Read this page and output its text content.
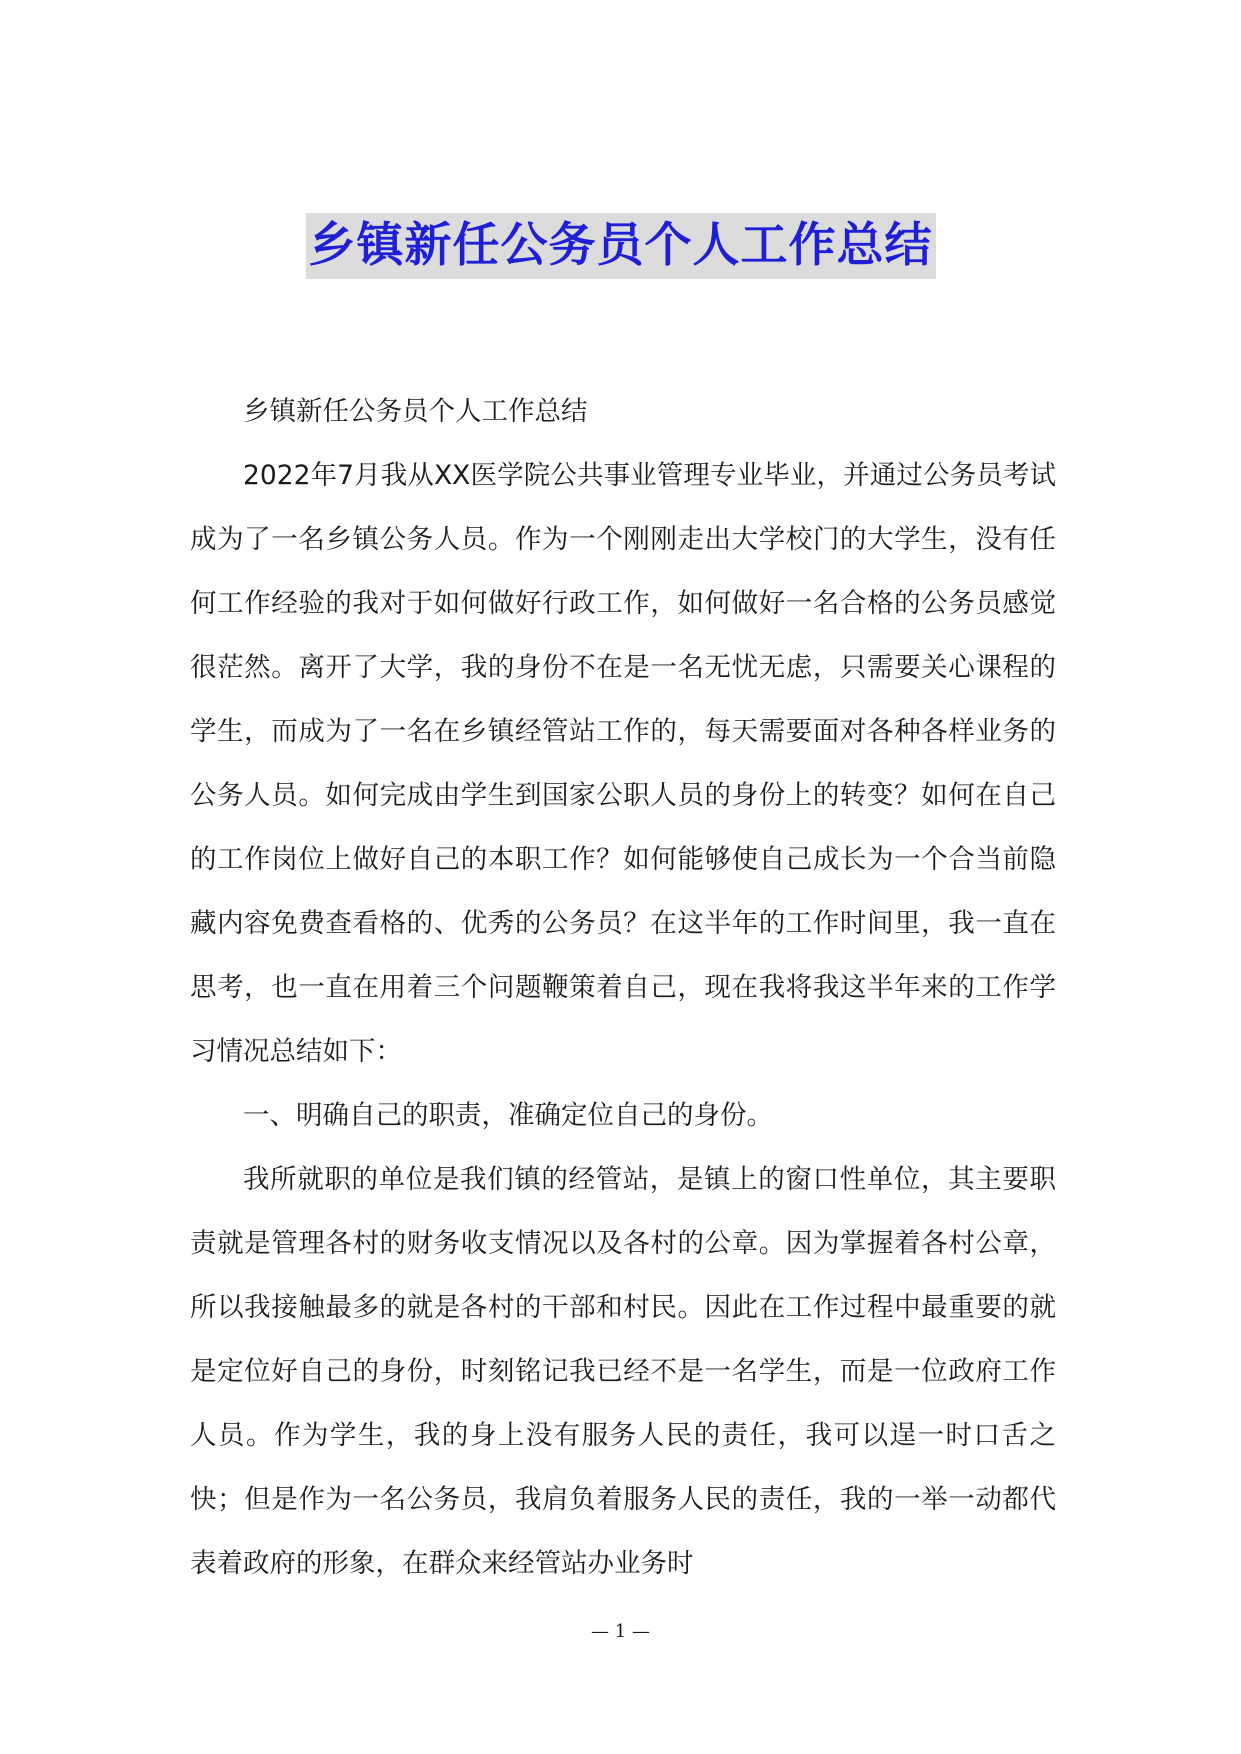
乡镇新任公务员个人工作总结

乡镇新任公务员个人工作总结

2022年7月我从XX医学院公共事业管理专业毕业，并通过公务员考试成为了一名乡镇公务人员。作为一个刚刚走出大学校门的大学生，没有任何工作经验的我对于如何做好行政工作，如何做好一名合格的公务员感觉很茫然。离开了大学，我的身份不在是一名无忧无虑，只需要关心课程的学生，而成为了一名在乡镇经管站工作的，每天需要面对各种各样业务的公务人员。如何完成由学生到国家公职人员的身份上的转变？如何在自己的工作岗位上做好自己的本职工作？如何能够使自己成长为一个合当前隐藏内容免费查看格的、优秀的公务员？在这半年的工作时间里，我一直在思考，也一直在用着三个问题鞭策着自己，现在我将我这半年来的工作学习情况总结如下：

一、明确自己的职责，准确定位自己的身份。

我所就职的单位是我们镇的经管站，是镇上的窗口性单位，其主要职责就是管理各村的财务收支情况以及各村的公章。因为掌握着各村公章，所以我接触最多的就是各村的干部和村民。因此在工作过程中最重要的就是定位好自己的身份，时刻铭记我已经不是一名学生，而是一位政府工作人员。作为学生，我的身上没有服务人民的责任，我可以逞一时口舌之快；但是作为一名公务员，我肩负着服务人民的责任，我的一举一动都代表着政府的形象，在群众来经管站办业务时

— 1 —
